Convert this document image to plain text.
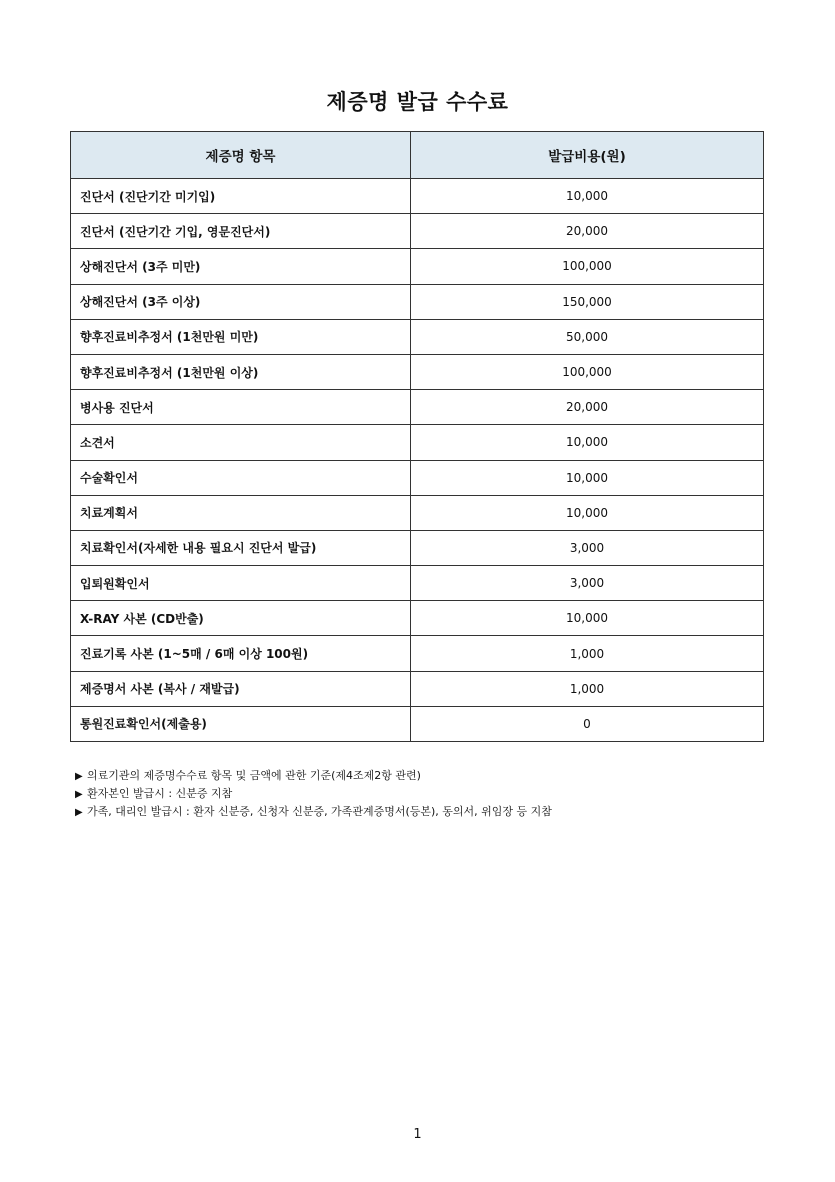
제증명 발급 수수료
제증명 항목	발급비용(원)
진단서 (진단기간 미기입)	10,000
진단서 (진단기간 기입, 영문진단서)	20,000
상해진단서 (3주 미만)	100,000
상해진단서 (3주 이상)	150,000
향후진료비추정서 (1천만원 미만)	50,000
향후진료비추정서 (1천만원 이상)	100,000
병사용 진단서	20,000
소견서	10,000
수술확인서	10,000
치료계획서	10,000
치료확인서(자세한 내용 필요시 진단서 발급)	3,000
입퇴원확인서	3,000
X-RAY 사본 (CD반출)	10,000
진료기록 사본 (1~5매 / 6매 이상 100원)	1,000
제증명서 사본 (복사 / 재발급)	1,000
통원진료확인서(제출용)	0
▶ 의료기관의 제증명수수료 항목 및 금액에 관한 기준(제4조제2항 관련)
▶ 환자본인 발급시 : 신분증 지참
▶ 가족, 대리인 발급시 : 환자 신분증, 신청자 신분증, 가족관계증명서(등본), 동의서, 위임장 등 지참
1
